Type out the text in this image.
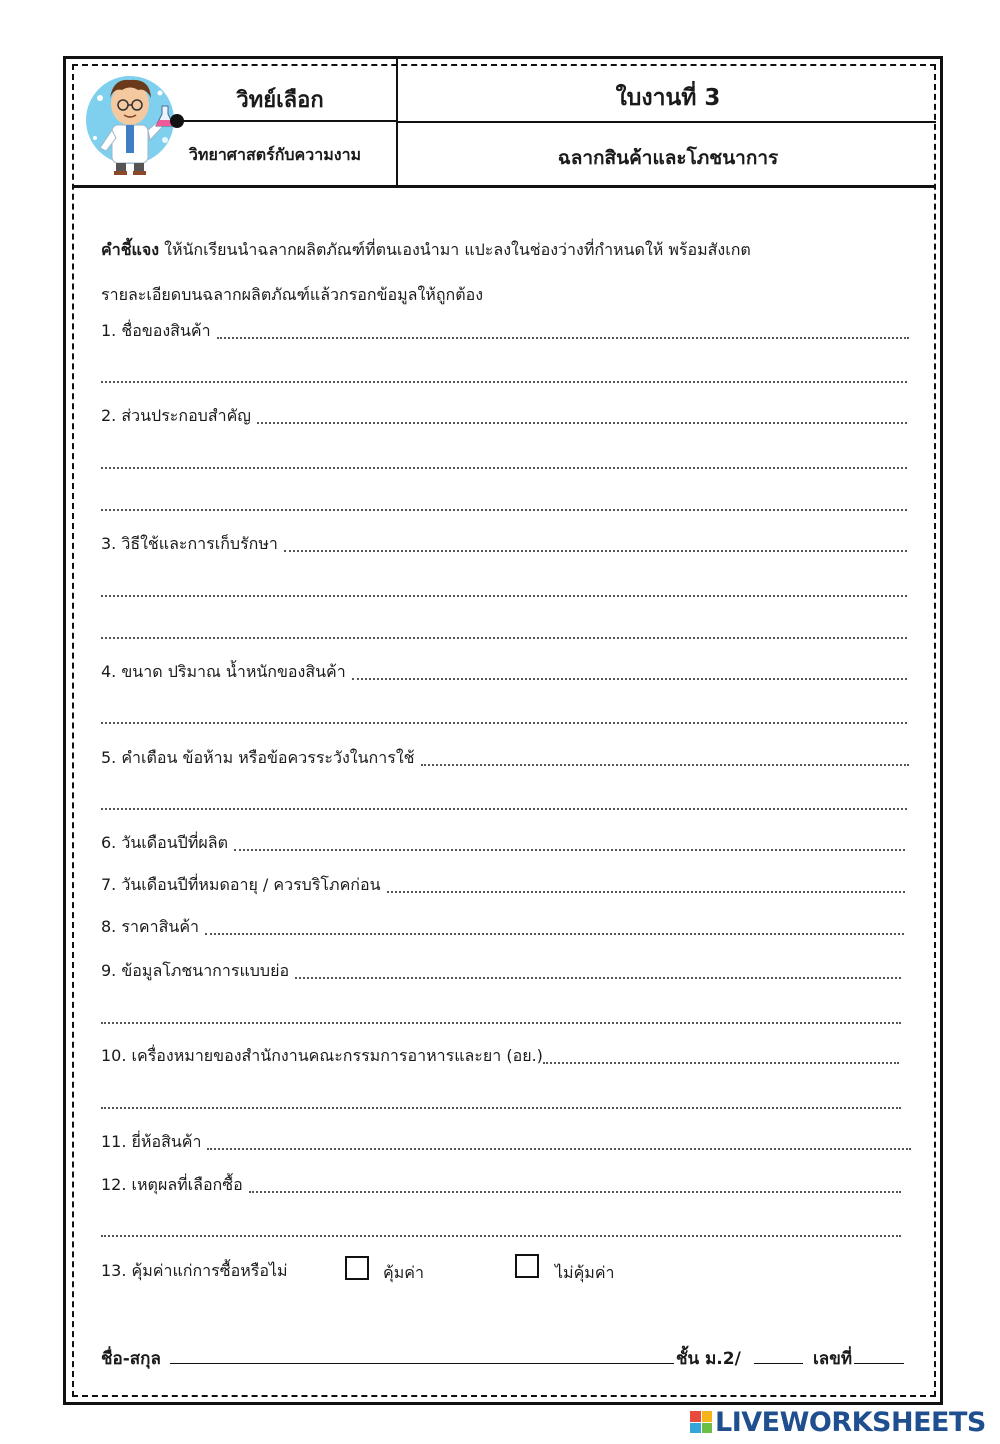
วิทย์เลือก
วิทยาศาสตร์กับความงาม
ใบงานที่ 3
ฉลากสินค้าและโภชนาการ
คำชี้แจง ให้นักเรียนนำฉลากผลิตภัณฑ์ที่ตนเองนำมา แปะลงในช่องว่างที่กำหนดให้ พร้อมสังเกต
รายละเอียดบนฉลากผลิตภัณฑ์แล้วกรอกข้อมูลให้ถูกต้อง
1. ชื่อของสินค้า
2. ส่วนประกอบสำคัญ
3. วิธีใช้และการเก็บรักษา
4. ขนาด ปริมาณ น้ำหนักของสินค้า
5. คำเตือน ข้อห้าม หรือข้อควรระวังในการใช้
6. วันเดือนปีที่ผลิต
7. วันเดือนปีที่หมดอายุ / ควรบริโภคก่อน
8. ราคาสินค้า
9. ข้อมูลโภชนาการแบบย่อ
10. เครื่องหมายของสำนักงานคณะกรรมการอาหารและยา (อย.)
11. ยี่ห้อสินค้า
12. เหตุผลที่เลือกซื้อ
13. คุ้มค่าแก่การซื้อหรือไม่	คุ้มค่า	ไม่คุ้มค่า
ชื่อ-สกุล	ชั้น ม.2/	เลขที่
LIVEWORKSHEETS
